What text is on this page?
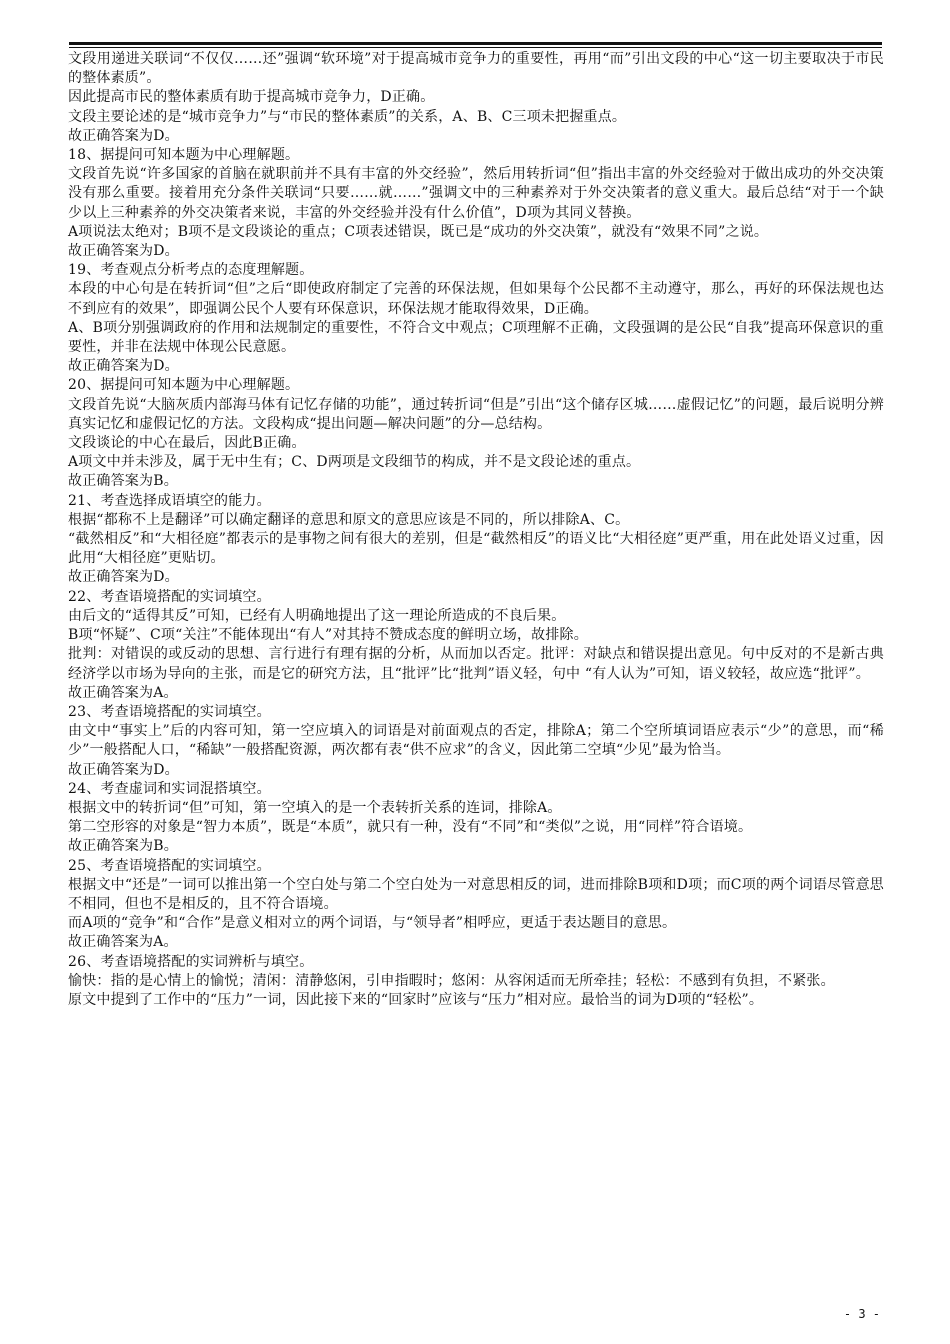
文段用递进关联词“不仅仅……还”强调“软环境”对于提高城市竞争力的重要性，再用“而”引出文段的中心“这一切主要取决于市民的整体素质”。

因此提高市民的整体素质有助于提高城市竞争力，D正确。

文段主要论述的是“城市竞争力”与“市民的整体素质”的关系，A、B、C三项未把握重点。

故正确答案为D。

18、据提问可知本题为中心理解题。

文段首先说“许多国家的首脑在就职前并不具有丰富的外交经验”，然后用转折词“但”指出丰富的外交经验对于做出成功的外交决策没有那么重要。接着用充分条件关联词“只要……就……”强调文中的三种素养对于外交决策者的意义重大。最后总结“对于一个缺少以上三种素养的外交决策者来说，丰富的外交经验并没有什么价值”，D项为其同义替换。

A项说法太绝对；B项不是文段谈论的重点；C项表述错误，既已是“成功的外交决策”，就没有“效果不同”之说。

故正确答案为D。

19、考查观点分析考点的态度理解题。

本段的中心句是在转折词“但”之后“即使政府制定了完善的环保法规，但如果每个公民都不主动遵守，那么，再好的环保法规也达不到应有的效果”，即强调公民个人要有环保意识，环保法规才能取得效果，D正确。

A、B项分别强调政府的作用和法规制定的重要性，不符合文中观点；C项理解不正确，文段强调的是公民“自我”提高环保意识的重要性，并非在法规中体现公民意愿。

故正确答案为D。

20、据提问可知本题为中心理解题。

文段首先说“大脑灰质内部海马体有记忆存储的功能”，通过转折词“但是”引出“这个储存区城……虚假记忆”的问题，最后说明分辨真实记忆和虚假记忆的方法。文段构成“提出问题—解决问题”的分—总结构。

文段谈论的中心在最后，因此B正确。

A项文中并未涉及，属于无中生有；C、D两项是文段细节的构成，并不是文段论述的重点。

故正确答案为B。

21、考查选择成语填空的能力。

根据“都称不上是翻译”可以确定翻译的意思和原文的意思应该是不同的，所以排除A、C。

“截然相反”和“大相径庭”都表示的是事物之间有很大的差别，但是“截然相反”的语义比“大相径庭”更严重，用在此处语义过重，因此用“大相径庭”更贴切。

故正确答案为D。

22、考查语境搭配的实词填空。

由后文的“适得其反”可知，已经有人明确地提出了这一理论所造成的不良后果。

B项“怀疑”、C项“关注”不能体现出“有人”对其持不赞成态度的鲜明立场，故排除。

批判：对错误的或反动的思想、言行进行有理有据的分析，从而加以否定。批评：对缺点和错误提出意见。句中反对的不是新古典经济学以市场为导向的主张，而是它的研究方法，且“批评”比“批判”语义轻，句中 “有人认为”可知，语义较轻，故应选“批评”。

故正确答案为A。

23、考查语境搭配的实词填空。

由文中“事实上”后的内容可知，第一空应填入的词语是对前面观点的否定，排除A；第二个空所填词语应表示“少”的意思，而“稀少”一般搭配人口，“稀缺”一般搭配资源，两次都有表“供不应求”的含义，因此第二空填“少见”最为恰当。

故正确答案为D。

24、考查虚词和实词混搭填空。

根据文中的转折词“但”可知，第一空填入的是一个表转折关系的连词，排除A。

第二空形容的对象是“智力本质”，既是“本质”，就只有一种，没有“不同”和“类似”之说，用“同样”符合语境。

故正确答案为B。

25、考查语境搭配的实词填空。

根据文中“还是”一词可以推出第一个空白处与第二个空白处为一对意思相反的词，进而排除B项和D项；而C项的两个词语尽管意思不相同，但也不是相反的，且不符合语境。

而A项的“竞争”和“合作”是意义相对立的两个词语，与“领导者”相呼应，更适于表达题目的意思。

故正确答案为A。

26、考查语境搭配的实词辨析与填空。

愉快：指的是心情上的愉悦；清闲：清静悠闲，引申指暇时；悠闲：从容闲适而无所牵挂；轻松：不感到有负担，不紧张。

原文中提到了工作中的“压力”一词，因此接下来的“回家时”应该与“压力”相对应。最恰当的词为D项的“轻松”。

- 3 -
